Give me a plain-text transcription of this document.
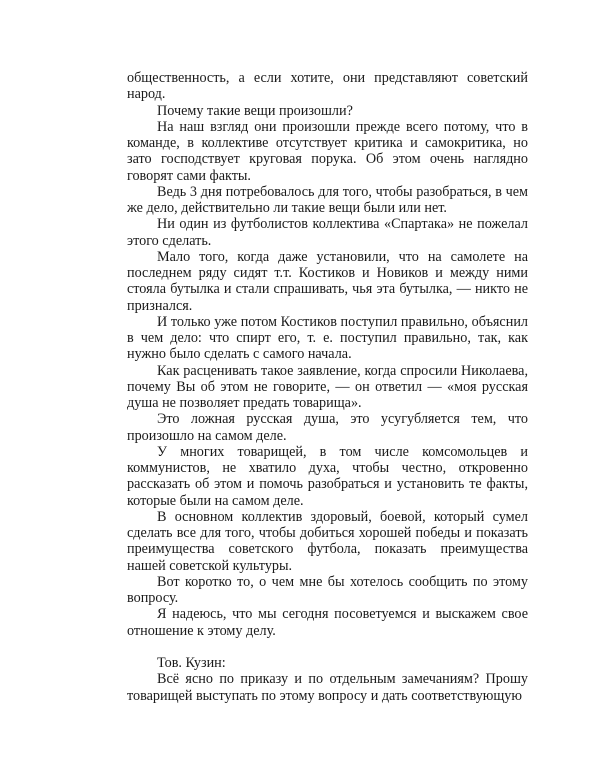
общественность, а если хотите, они представляют советский народ.

Почему такие вещи произошли?

На наш взгляд они произошли прежде всего потому, что в команде, в коллективе отсутствует критика и самокритика, но зато господствует круговая порука. Об этом очень наглядно говорят сами факты.

Ведь 3 дня потребовалось для того, чтобы разобраться, в чем же дело, действительно ли такие вещи были или нет.

Ни один из футболистов коллектива «Спартака» не пожелал этого сделать.

Мало того, когда даже установили, что на самолете на последнем ряду сидят т.т. Костиков и Новиков и между ними стояла бутылка и стали спрашивать, чья эта бутылка, — никто не признался.

И только уже потом Костиков поступил правильно, объяснил в чем дело: что спирт его, т. е. поступил правильно, так, как нужно было сделать с самого начала.

Как расценивать такое заявление, когда спросили Николаева, почему Вы об этом не говорите, — он ответил — «моя русская душа не позволяет предать товарища».

Это ложная русская душа, это усугубляется тем, что произошло на самом деле.

У многих товарищей, в том числе комсомольцев и коммунистов, не хватило духа, чтобы честно, откровенно рассказать об этом и помочь разобраться и установить те факты, которые были на самом деле.

В основном коллектив здоровый, боевой, который сумел сделать все для того, чтобы добиться хорошей победы и показать преимущества советского футбола, показать преимущества нашей советской культуры.

Вот коротко то, о чем мне бы хотелось сообщить по этому вопросу.

Я надеюсь, что мы сегодня посоветуемся и выскажем свое отношение к этому делу.

Тов. Кузин:

Всё ясно по приказу и по отдельным замечаниям? Прошу товарищей выступать по этому вопросу и дать соответствующую
